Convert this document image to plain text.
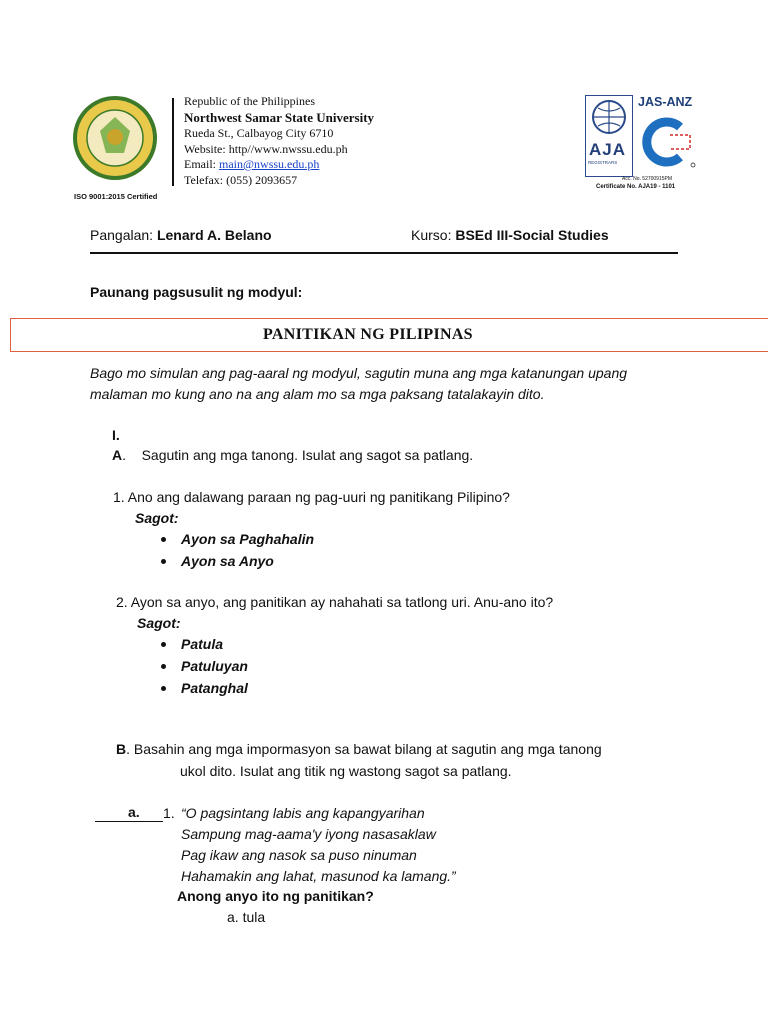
ISO 9001:2015 Certified
Republic of the Philippines
Northwest Samar State University
Rueda St., Calbayog City 6710
Website: http//www.nwssu.edu.ph
Email: main@nwssu.edu.ph
Telefax: (055) 2093657
AJA
REGISTRARS
JAS-ANZ
Acc. No. 52700915PM
Certificate No. AJA19 - 1101
Pangalan: Lenard A. Belano	Kurso: BSEd III-Social Studies
Paunang pagsusulit ng modyul:
PANITIKAN NG PILIPINAS
Bago mo simulan ang pag-aaral ng modyul, sagutin muna ang mga katanungan upang
malaman mo kung ano na ang alam mo sa mga paksang tatalakayin dito.
I.
A.    Sagutin ang mga tanong. Isulat ang sagot sa patlang.
1. Ano ang dalawang paraan ng pag-uuri ng panitikang Pilipino?
Sagot:
Ayon sa Paghahalin
Ayon sa Anyo
2. Ayon sa anyo, ang panitikan ay nahahati sa tatlong uri. Anu-ano ito?
Sagot:
Patula
Patuluyan
Patanghal
B. Basahin ang mga impormasyon sa bawat bilang at sagutin ang mga tanong
ukol dito. Isulat ang titik ng wastong sagot sa patlang.
a. 1. “O pagsintang labis ang kapangyarihan
Sampung mag-aama'y iyong nasasaklaw
Pag ikaw ang nasok sa puso ninuman
Hahamakin ang lahat, masunod ka lamang.”
Anong anyo ito ng panitikan?
a. tula
